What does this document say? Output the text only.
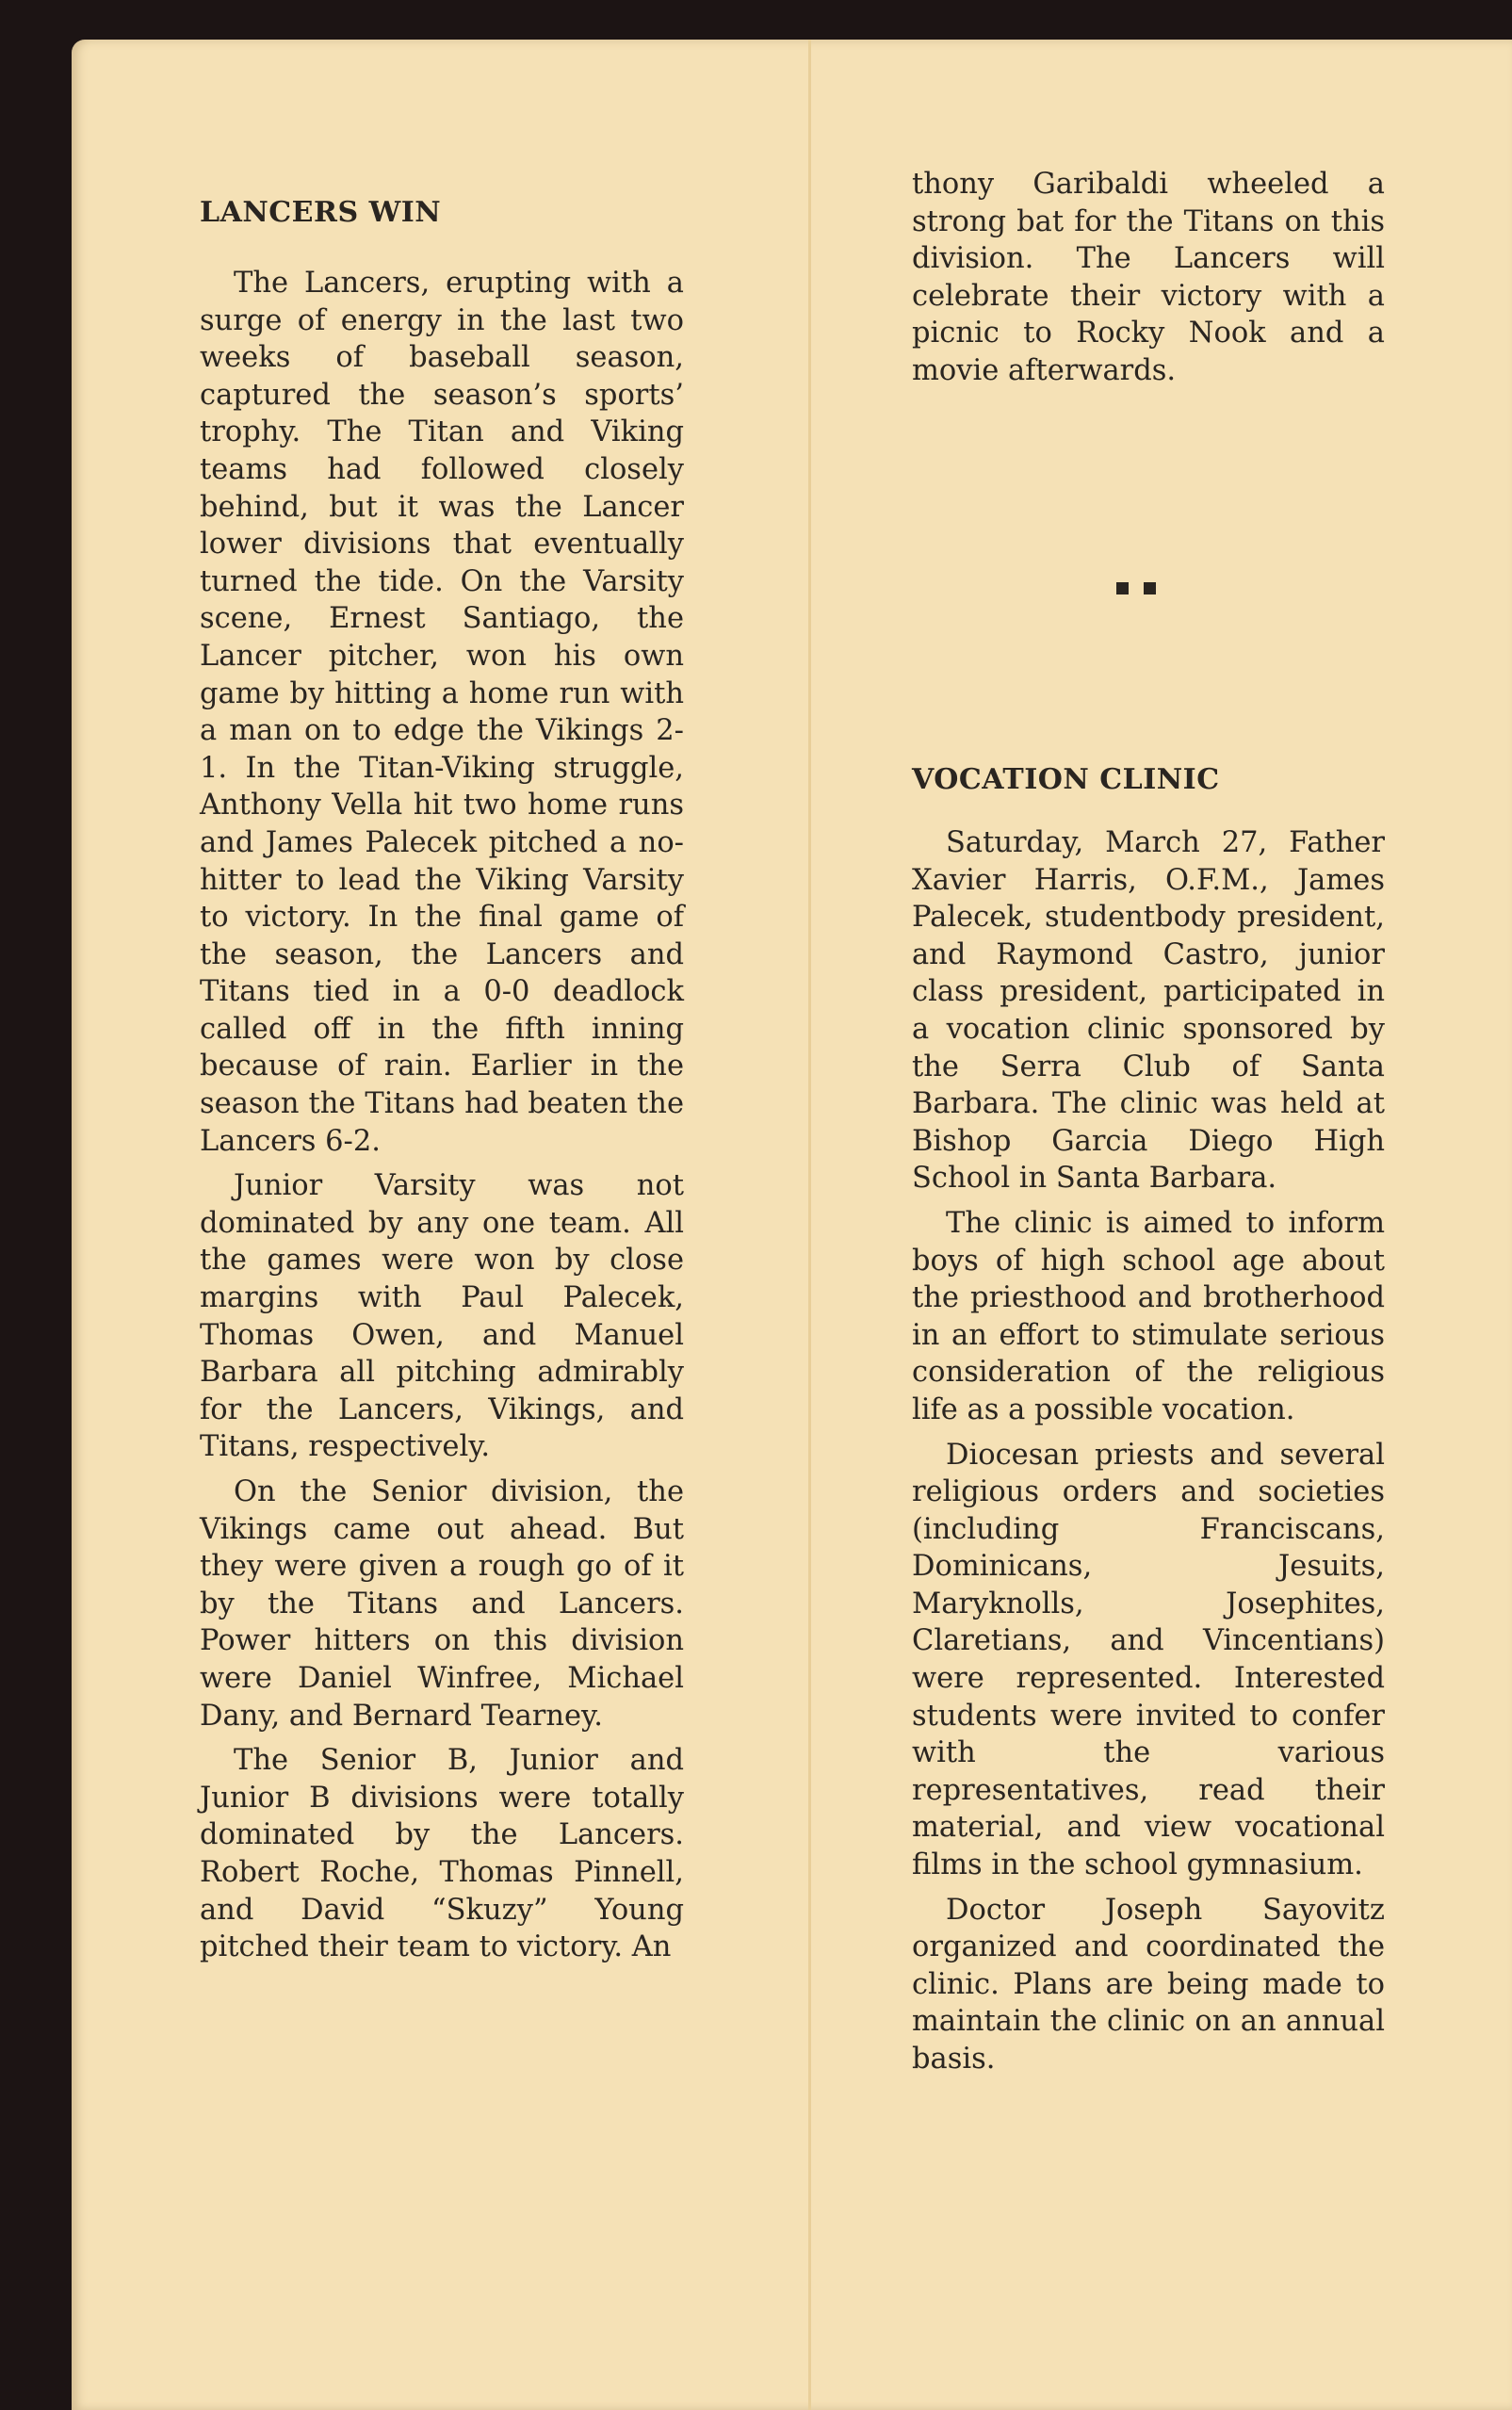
LANCERS WIN

The Lancers, erupting with a surge of energy in the last two weeks of baseball season, captured the season’s sports’ trophy. The Titan and Viking teams had followed closely behind, but it was the Lancer lower divisions that eventually turned the tide. On the Varsity scene, Ernest Santiago, the Lancer pitcher, won his own game by hitting a home run with a man on to edge the Vikings 2-1. In the Titan-Viking struggle, Anthony Vella hit two home runs and James Palecek pitched a no-hitter to lead the Viking Varsity to victory. In the final game of the season, the Lancers and Titans tied in a 0-0 deadlock called off in the fifth inning because of rain. Earlier in the season the Titans had beaten the Lancers 6-2.

Junior Varsity was not dominated by any one team. All the games were won by close margins with Paul Palecek, Thomas Owen, and Manuel Barbara all pitching admirably for the Lancers, Vikings, and Titans, respectively.

On the Senior division, the Vikings came out ahead. But they were given a rough go of it by the Titans and Lancers. Power hitters on this division were Daniel Winfree, Michael Dany, and Bernard Tearney.

The Senior B, Junior and Junior B divisions were totally dominated by the Lancers. Robert Roche, Thomas Pinnell, and David “Skuzy” Young pitched their team to victory. An

thony Garibaldi wheeled a strong bat for the Titans on this division. The Lancers will celebrate their victory with a picnic to Rocky Nook and a movie afterwards.

VOCATION CLINIC

Saturday, March 27, Father Xavier Harris, O.F.M., James Palecek, studentbody president, and Raymond Castro, junior class president, participated in a vocation clinic sponsored by the Serra Club of Santa Barbara. The clinic was held at Bishop Garcia Diego High School in Santa Barbara.

The clinic is aimed to inform boys of high school age about the priesthood and brotherhood in an effort to stimulate serious consideration of the religious life as a possible vocation.

Diocesan priests and several religious orders and societies (including Franciscans, Dominicans, Jesuits, Maryknolls, Josephites, Claretians, and Vincentians) were represented. Interested students were invited to confer with the various representatives, read their material, and view vocational films in the school gymnasium.

Doctor Joseph Sayovitz organized and coordinated the clinic. Plans are being made to maintain the clinic on an annual basis.
